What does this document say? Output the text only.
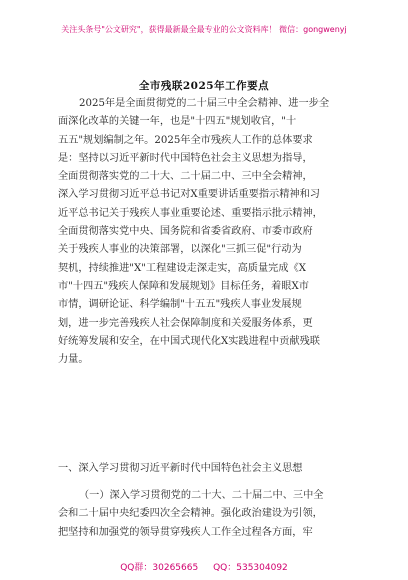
关注头条号"公文研究"，获得最新最全最专业的公文资料库！ 微信：gongwenyj
全市残联2025年工作要点
2025年是全面贯彻党的二十届三中全会精神、进一步全
面深化改革的关键一年，也是"十四五"规划收官，"十
五五"规划编制之年。2025年全市残疾人工作的总体要求
是：坚持以习近平新时代中国特色社会主义思想为指导，
全面贯彻落实党的二十大、二十届二中、三中全会精神，
深入学习贯彻习近平总书记对X重要讲话重要指示精神和习
近平总书记关于残疾人事业重要论述、重要指示批示精神，
全面贯彻落实党中央、国务院和省委省政府、市委市政府
关于残疾人事业的决策部署，以深化"三抓三促"行动为
契机，持续推进"X"工程建设走深走实，高质量完成《X
市"十四五"残疾人保障和发展规划》目标任务，着眼X市
市情，调研论证、科学编制"十五五"残疾人事业发展规
划，进一步完善残疾人社会保障制度和关爱服务体系，更
好统筹发展和安全，在中国式现代化X实践进程中贡献残联
力量。
一、深入学习贯彻习近平新时代中国特色社会主义思想
（一）深入学习贯彻党的二十大、二十届二中、三中全
会和二十届中央纪委四次全会精神。强化政治建设为引领，
把坚持和加强党的领导贯穿残疾人工作全过程各方面，牢
QQ群：30265665 QQ：535304092
